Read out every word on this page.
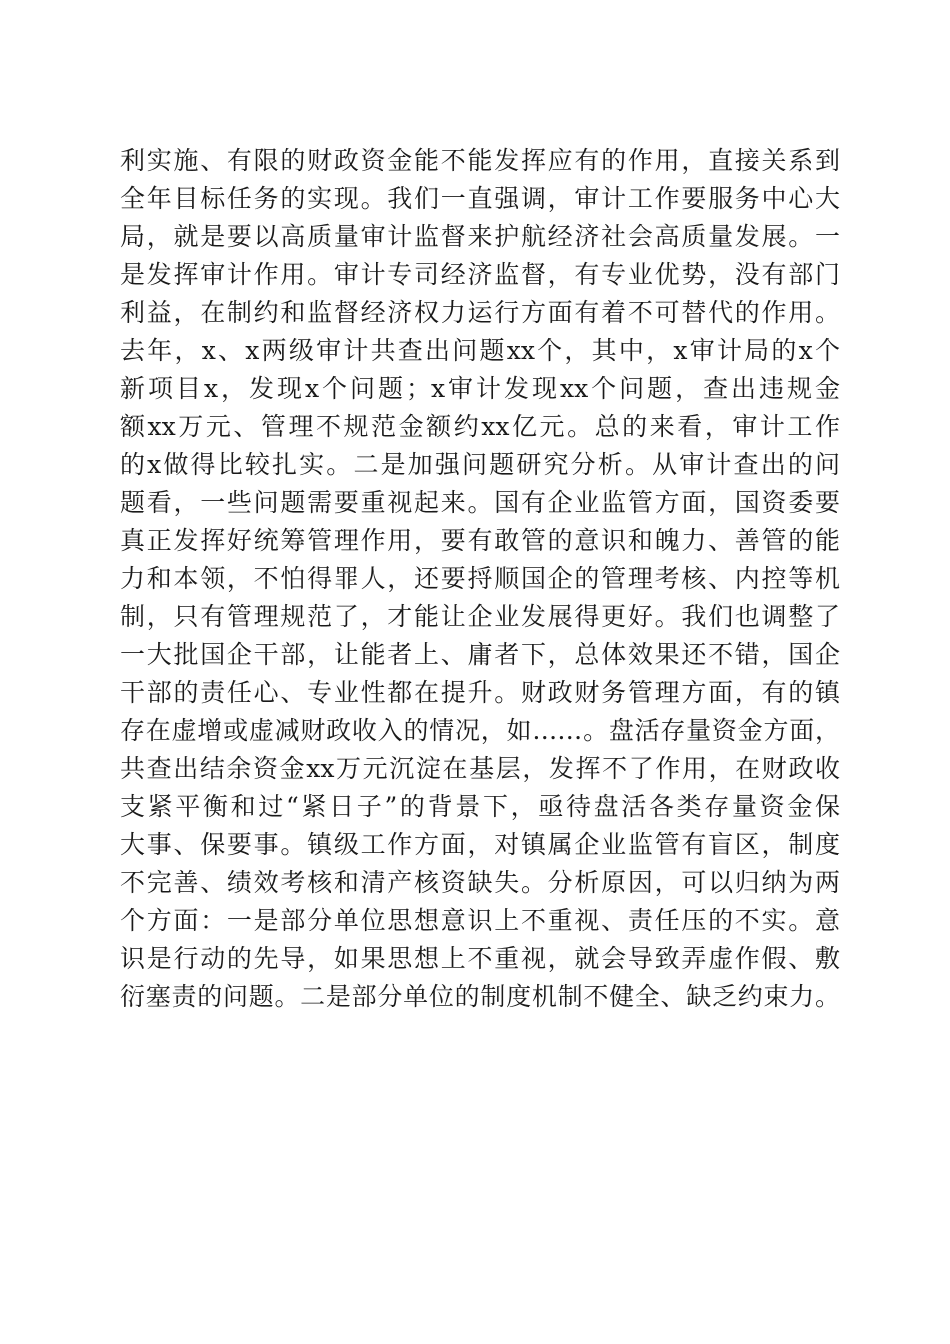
利实施、有限的财政资金能不能发挥应有的作用，直接关系到
全年目标任务的实现。我们一直强调，审计工作要服务中心大
局，就是要以高质量审计监督来护航经济社会高质量发展。一
是发挥审计作用。审计专司经济监督，有专业优势，没有部门
利益，在制约和监督经济权力运行方面有着不可替代的作用。
去年，x、x两级审计共查出问题xx个，其中，x审计局的x个
新项目x，发现x个问题；x审计发现xx个问题，查出违规金
额xx万元、管理不规范金额约xx亿元。总的来看，审计工作
的x做得比较扎实。二是加强问题研究分析。从审计查出的问
题看，一些问题需要重视起来。国有企业监管方面，国资委要
真正发挥好统筹管理作用，要有敢管的意识和魄力、善管的能
力和本领，不怕得罪人，还要捋顺国企的管理考核、内控等机
制，只有管理规范了，才能让企业发展得更好。我们也调整了
一大批国企干部，让能者上、庸者下，总体效果还不错，国企
干部的责任心、专业性都在提升。财政财务管理方面，有的镇
存在虚增或虚减财政收入的情况，如……。盘活存量资金方面，
共查出结余资金xx万元沉淀在基层，发挥不了作用，在财政收
支紧平衡和过“紧日子”的背景下，亟待盘活各类存量资金保
大事、保要事。镇级工作方面，对镇属企业监管有盲区，制度
不完善、绩效考核和清产核资缺失。分析原因，可以归纳为两
个方面：一是部分单位思想意识上不重视、责任压的不实。意
识是行动的先导，如果思想上不重视，就会导致弄虚作假、敷
衍塞责的问题。二是部分单位的制度机制不健全、缺乏约束力。
